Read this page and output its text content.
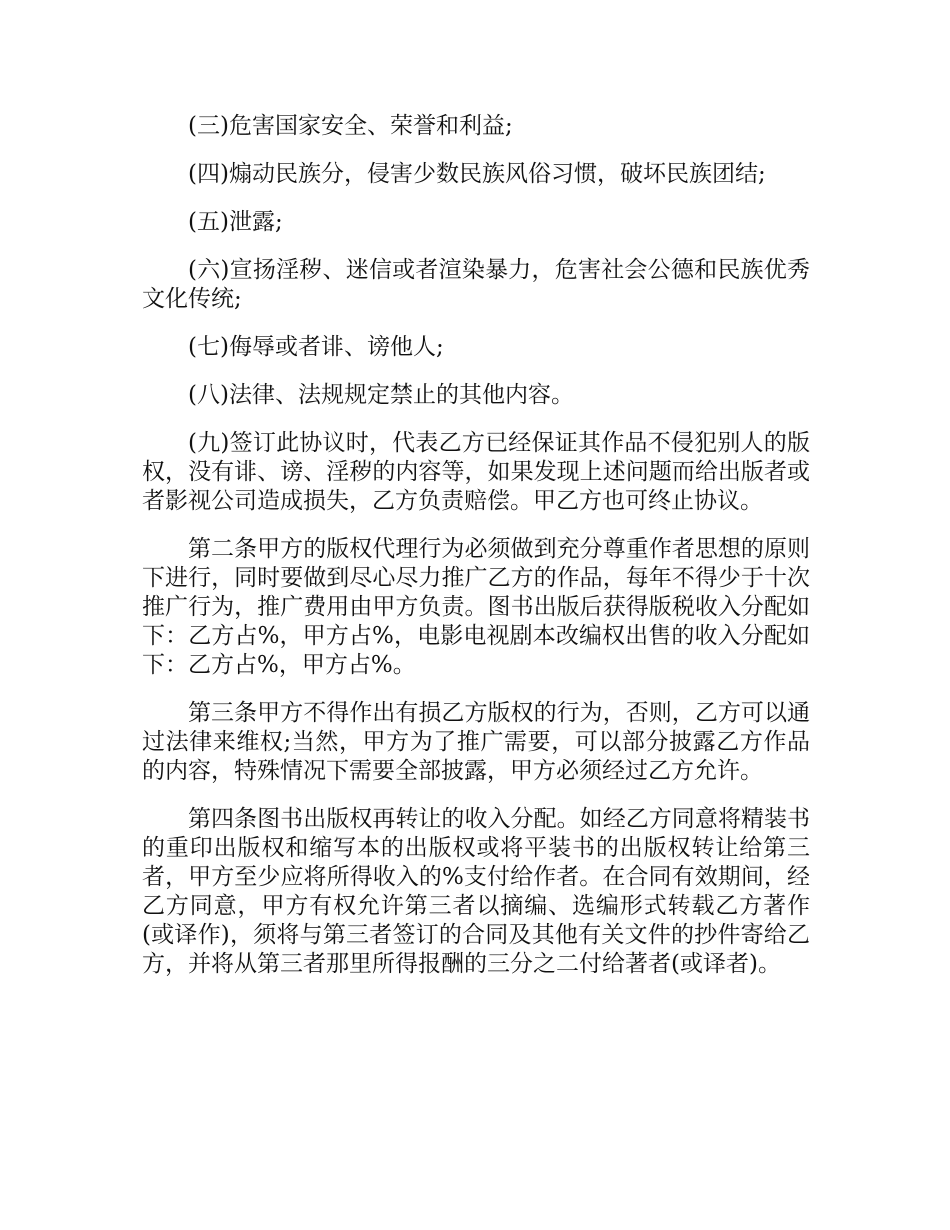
(三)危害国家安全、荣誉和利益;

(四)煽动民族分，侵害少数民族风俗习惯，破坏民族团结;

(五)泄露;

(六)宣扬淫秽、迷信或者渲染暴力，危害社会公德和民族优秀文化传统;

(七)侮辱或者诽、谤他人;

(八)法律、法规规定禁止的其他内容。

(九)签订此协议时，代表乙方已经保证其作品不侵犯别人的版权，没有诽、谤、淫秽的内容等，如果发现上述问题而给出版者或者影视公司造成损失，乙方负责赔偿。甲乙方也可终止协议。

第二条甲方的版权代理行为必须做到充分尊重作者思想的原则下进行，同时要做到尽心尽力推广乙方的作品，每年不得少于十次推广行为，推广费用由甲方负责。图书出版后获得版税收入分配如下：乙方占%，甲方占%，电影电视剧本改编权出售的收入分配如下：乙方占%，甲方占%。

第三条甲方不得作出有损乙方版权的行为，否则，乙方可以通过法律来维权;当然，甲方为了推广需要，可以部分披露乙方作品的内容，特殊情况下需要全部披露，甲方必须经过乙方允许。

第四条图书出版权再转让的收入分配。如经乙方同意将精装书的重印出版权和缩写本的出版权或将平装书的出版权转让给第三者，甲方至少应将所得收入的%支付给作者。在合同有效期间，经乙方同意，甲方有权允许第三者以摘编、选编形式转载乙方著作(或译作)，须将与第三者签订的合同及其他有关文件的抄件寄给乙方，并将从第三者那里所得报酬的三分之二付给著者(或译者)。
